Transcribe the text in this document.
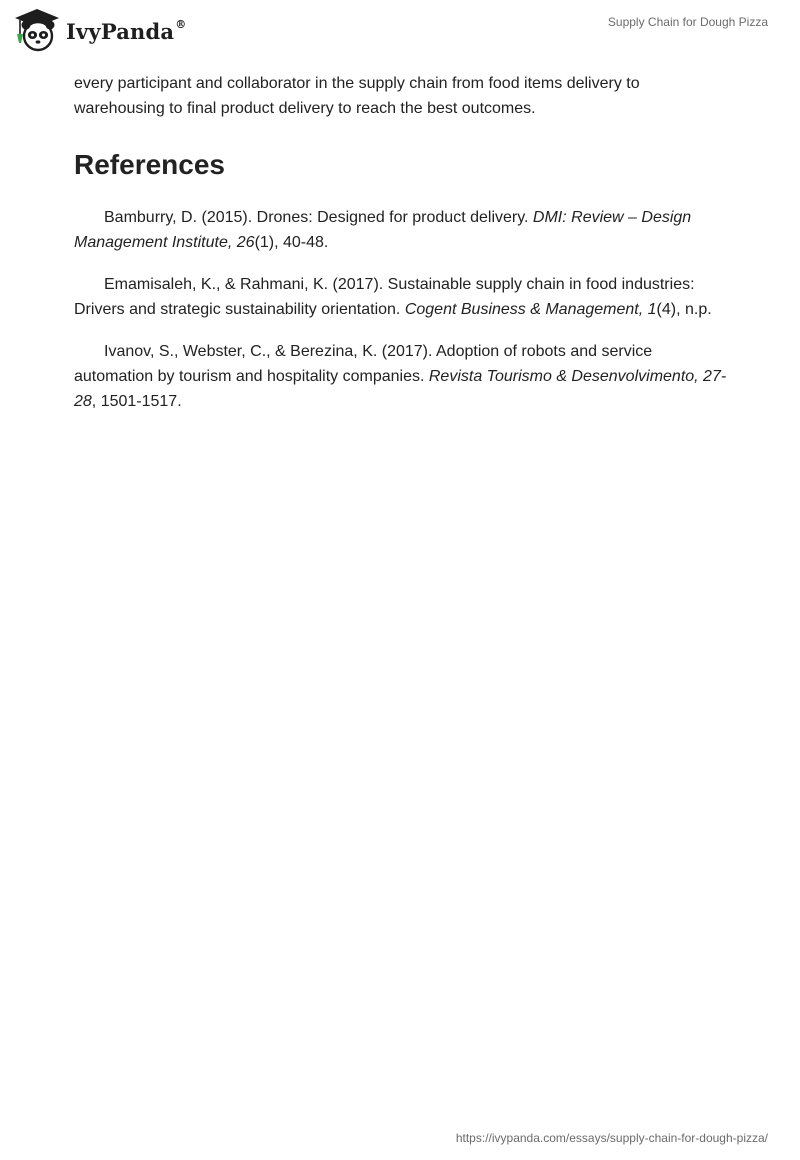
IvyPanda®	Supply Chain for Dough Pizza

every participant and collaborator in the supply chain from food items delivery to warehousing to final product delivery to reach the best outcomes.

References

Bamburry, D. (2015). Drones: Designed for product delivery. DMI: Review – Design Management Institute, 26(1), 40-48.

Emamisaleh, K., & Rahmani, K. (2017). Sustainable supply chain in food industries: Drivers and strategic sustainability orientation. Cogent Business & Management, 1(4), n.p.

Ivanov, S., Webster, C., & Berezina, K. (2017). Adoption of robots and service automation by tourism and hospitality companies. Revista Tourismo & Desenvolvimento, 27-28, 1501-1517.

https://ivypanda.com/essays/supply-chain-for-dough-pizza/
